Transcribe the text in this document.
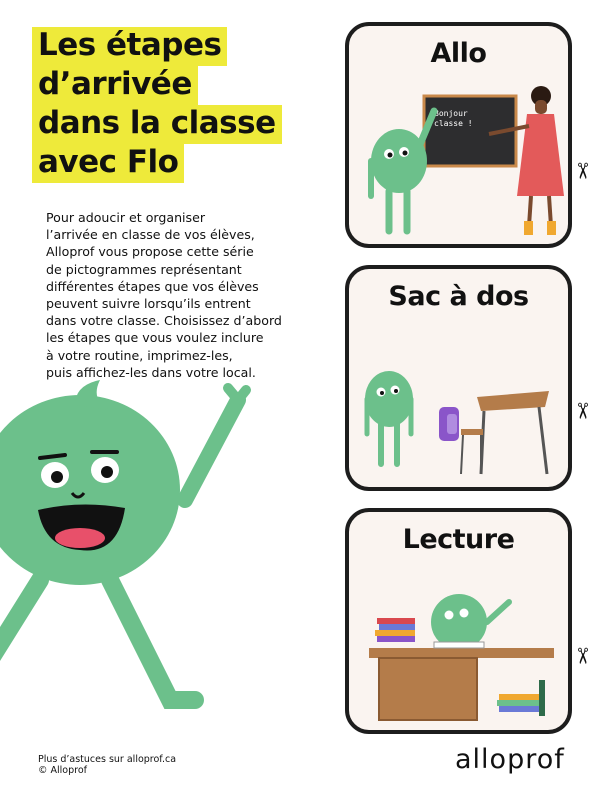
Les étapes
d’arrivée
dans la classe
avec Flo
Pour adoucir et organiser
l’arrivée en classe de vos élèves,
Alloprof vous propose cette série
de pictogrammes représentant
différentes étapes que vos élèves
peuvent suivre lorsqu’ils entrent
dans votre classe. Choisissez d’abord
les étapes que vous voulez inclure
à votre routine, imprimez-les,
puis affichez-les dans votre local.
Bonjour
classe !
Allo
✂
Sac à dos
✂
Lecture
✂
Plus d’astuces sur alloprof.ca
© Alloprof	alloprof
